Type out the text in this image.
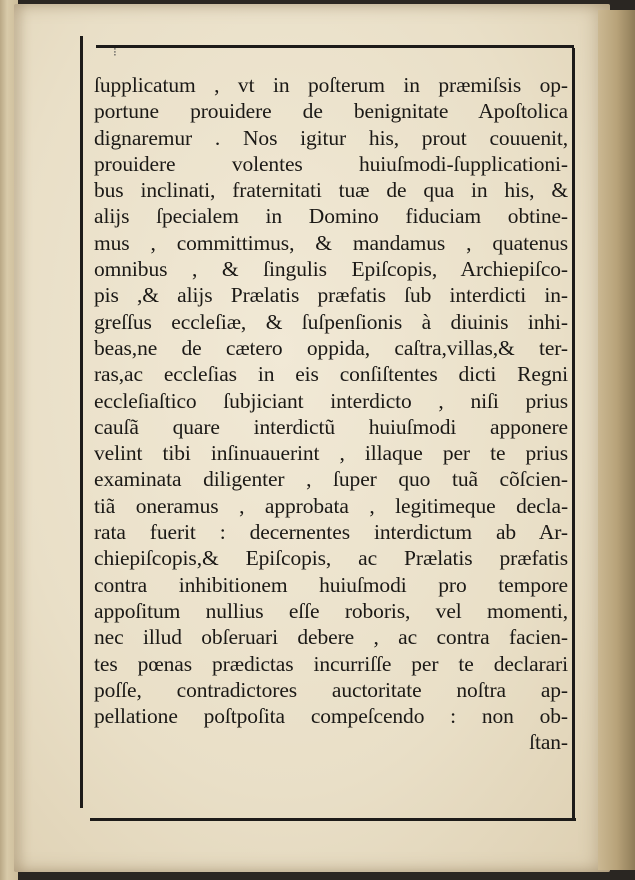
⁝
ſupplicatum , vt in poſterum in præmiſsis op-
portune prouidere de benignitate Apoſtolica
dignaremur . Nos igitur his, prout couuenit,
prouidere volentes huiuſmodi-ſupplicationi-
bus inclinati, fraternitati tuæ de qua in his, &
alijs ſpecialem in Domino fiduciam obtine-
mus , committimus, & mandamus , quatenus
omnibus , & ſingulis Epiſcopis, Archiepiſco-
pis ,& alijs Prælatis præfatis ſub interdicti in-
greſſus eccleſiæ, & ſuſpenſionis à diuinis inhi-
beas,ne de cætero oppida, caſtra,villas,& ter-
ras,ac eccleſias in eis conſiſtentes dicti Regni
eccleſiaſtico ſubjiciant interdicto , niſi prius
cauſã quare interdictũ huiuſmodi apponere
velint tibi inſinuauerint , illaque per te prius
examinata diligenter , ſuper quo tuã cõſcien-
tiã oneramus , approbata , legitimeque decla-
rata fuerit : decernentes interdictum ab Ar-
chiepiſcopis,& Epiſcopis, ac Prælatis præfatis
contra inhibitionem huiuſmodi pro tempore
appoſitum nullius eſſe roboris, vel momenti,
nec illud obſeruari debere , ac contra facien-
tes pœnas prædictas incurriſſe per te declarari
poſſe, contradictores auctoritate noſtra ap-
pellatione poſtpoſita compeſcendo : non ob-
ſtan-
